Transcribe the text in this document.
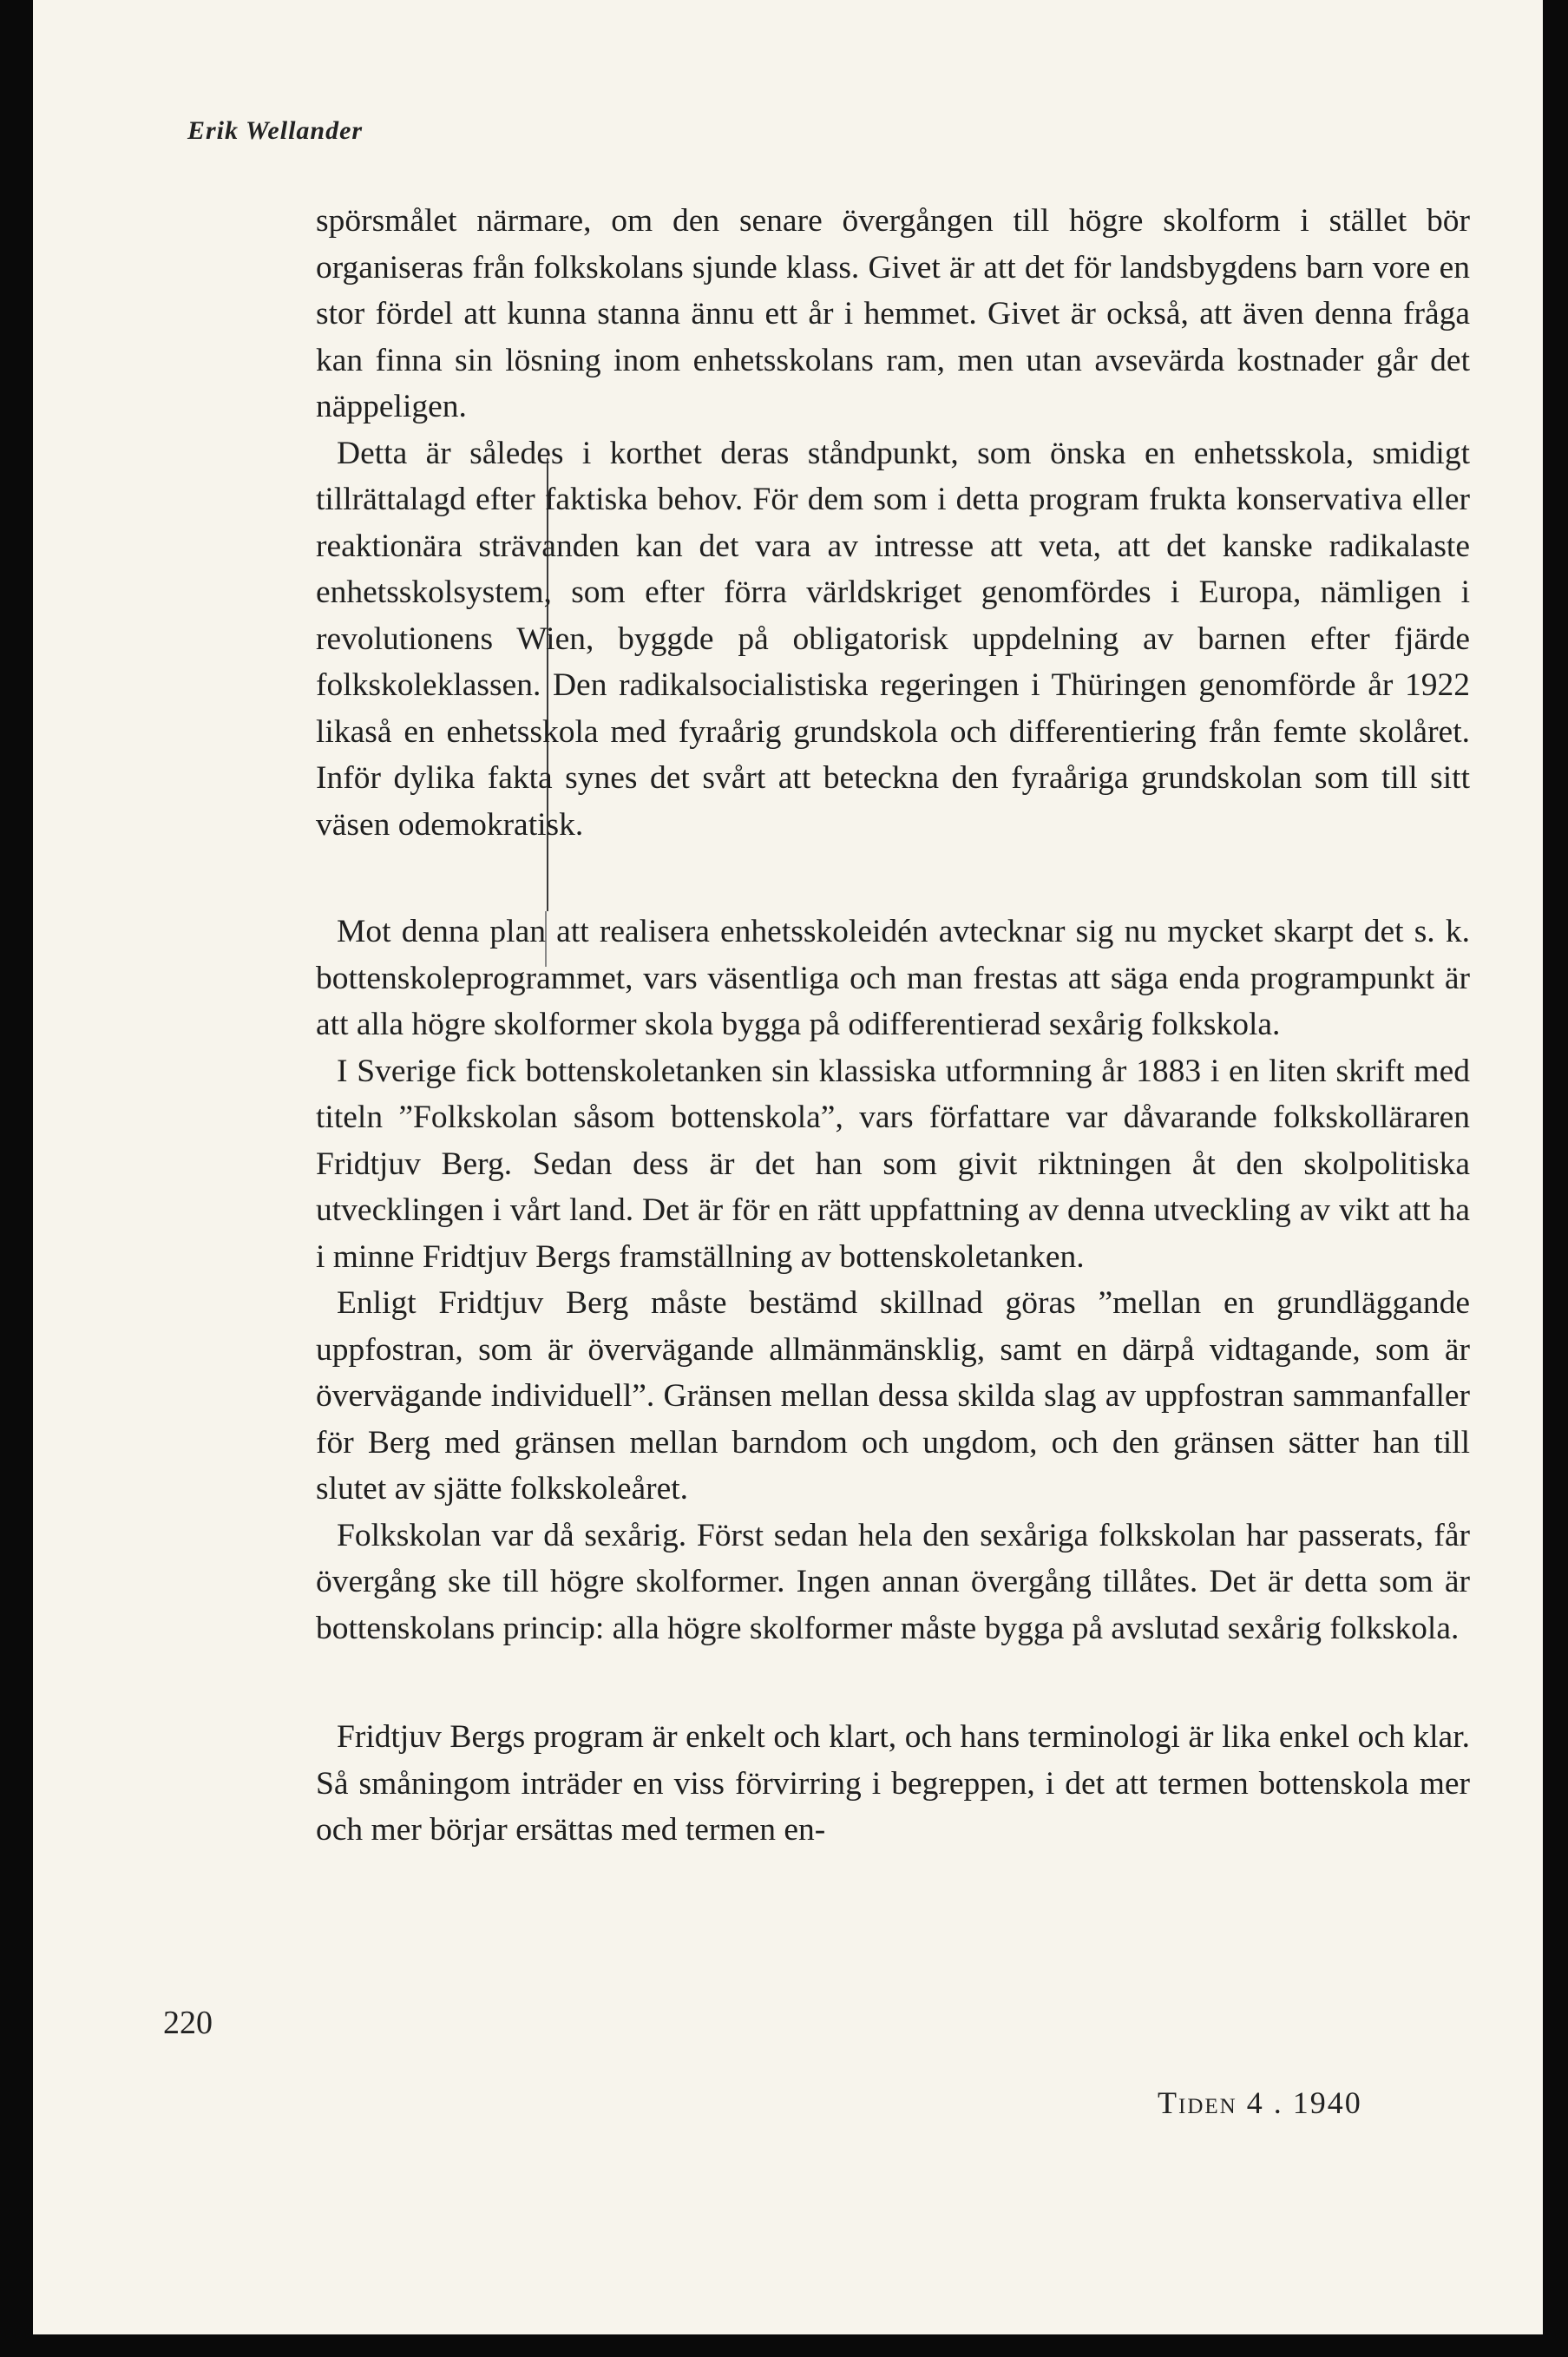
Erik Wellander

spörsmålet närmare, om den senare övergången till högre skolform i stället bör organiseras från folkskolans sjunde klass. Givet är att det för landsbygdens barn vore en stor fördel att kunna stanna ännu ett år i hemmet. Givet är också, att även denna fråga kan finna sin lösning inom enhetsskolans ram, men utan avsevärda kostnader går det näppeligen.

Detta är således i korthet deras ståndpunkt, som önska en enhetsskola, smidigt tillrättalagd efter faktiska behov. För dem som i detta program frukta konservativa eller reaktionära strävanden kan det vara av intresse att veta, att det kanske radikalaste enhetsskolsystem, som efter förra världskriget genomfördes i Europa, nämligen i revolutionens Wien, byggde på obligatorisk uppdelning av barnen efter fjärde folkskoleklassen. Den radikalsocialistiska regeringen i Thüringen genomförde år 1922 likaså en enhetsskola med fyraårig grundskola och differentiering från femte skolåret. Inför dylika fakta synes det svårt att beteckna den fyraåriga grundskolan som till sitt väsen odemokratisk.

Mot denna plan att realisera enhetsskoleidén avtecknar sig nu mycket skarpt det s. k. bottenskoleprogrammet, vars väsentliga och man frestas att säga enda programpunkt är att alla högre skolformer skola bygga på odifferentierad sexårig folkskola.

I Sverige fick bottenskoletanken sin klassiska utformning år 1883 i en liten skrift med titeln ”Folkskolan såsom bottenskola”, vars författare var dåvarande folkskolläraren Fridtjuv Berg. Sedan dess är det han som givit riktningen åt den skolpolitiska utvecklingen i vårt land. Det är för en rätt uppfattning av denna utveckling av vikt att ha i minne Fridtjuv Bergs framställning av bottenskoletanken.

Enligt Fridtjuv Berg måste bestämd skillnad göras ”mellan en grundläggande uppfostran, som är övervägande allmänmänsklig, samt en därpå vidtagande, som är övervägande individuell”. Gränsen mellan dessa skilda slag av uppfostran sammanfaller för Berg med gränsen mellan barndom och ungdom, och den gränsen sätter han till slutet av sjätte folkskoleåret.

Folkskolan var då sexårig. Först sedan hela den sexåriga folkskolan har passerats, får övergång ske till högre skolformer. Ingen annan övergång tillåtes. Det är detta som är bottenskolans princip: alla högre skolformer måste bygga på avslutad sexårig folkskola.

Fridtjuv Bergs program är enkelt och klart, och hans terminologi är lika enkel och klar. Så småningom inträder en viss förvirring i begreppen, i det att termen bottenskola mer och mer börjar ersättas med termen en-

220
Tiden 4 . 1940
